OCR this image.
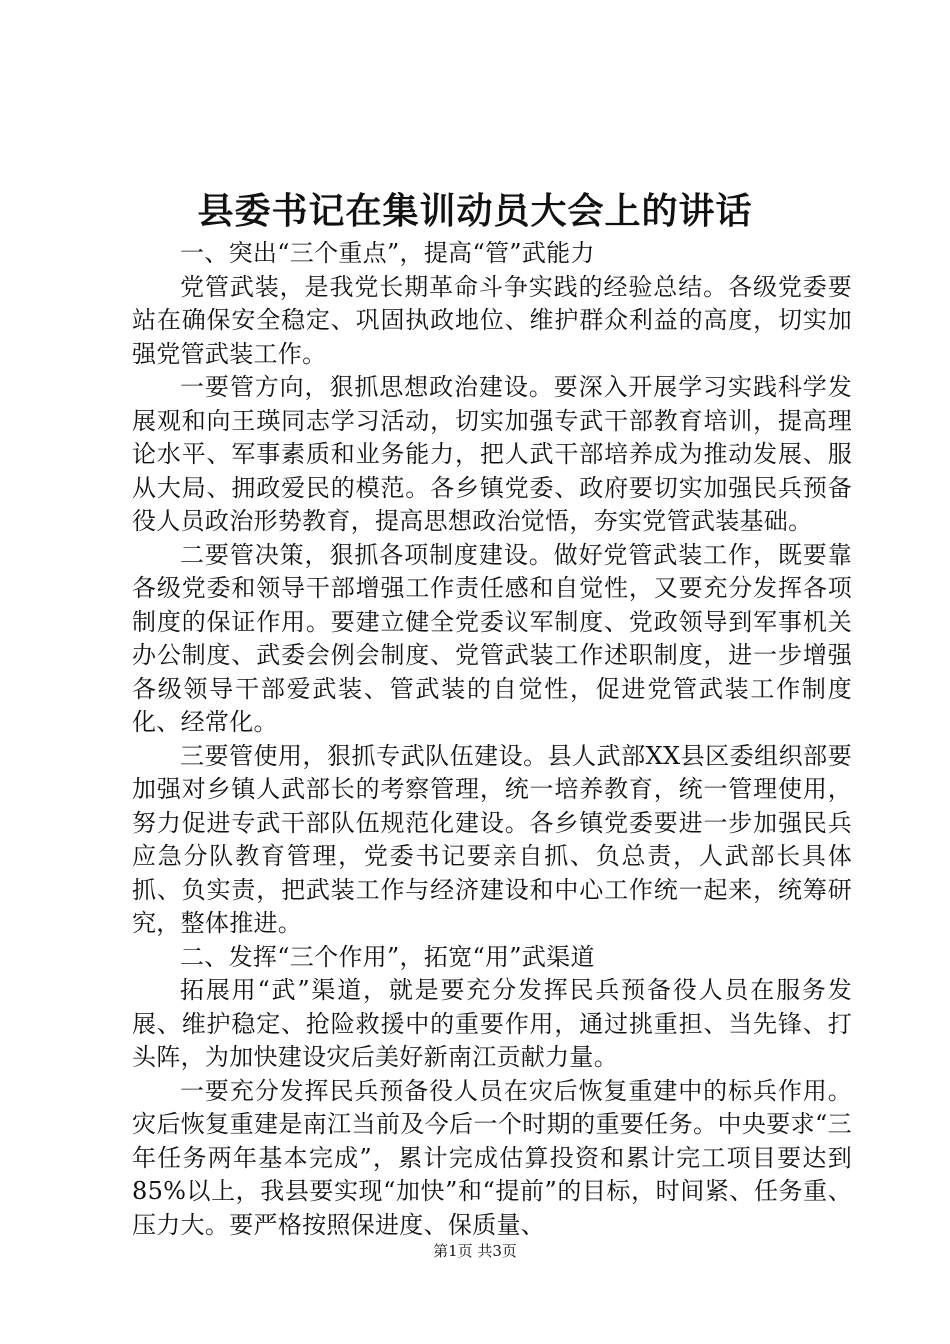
县委书记在集训动员大会上的讲话

一、突出“三个重点”，提高“管”武能力

党管武装，是我党长期革命斗争实践的经验总结。各级党委要站在确保安全稳定、巩固执政地位、维护群众利益的高度，切实加强党管武装工作。

一要管方向，狠抓思想政治建设。要深入开展学习实践科学发展观和向王瑛同志学习活动，切实加强专武干部教育培训，提高理论水平、军事素质和业务能力，把人武干部培养成为推动发展、服从大局、拥政爱民的模范。各乡镇党委、政府要切实加强民兵预备役人员政治形势教育，提高思想政治觉悟，夯实党管武装基础。

二要管决策，狠抓各项制度建设。做好党管武装工作，既要靠各级党委和领导干部增强工作责任感和自觉性，又要充分发挥各项制度的保证作用。要建立健全党委议军制度、党政领导到军事机关办公制度、武委会例会制度、党管武装工作述职制度，进一步增强各级领导干部爱武装、管武装的自觉性，促进党管武装工作制度化、经常化。

三要管使用，狠抓专武队伍建设。县人武部XX县区委组织部要加强对乡镇人武部长的考察管理，统一培养教育，统一管理使用，努力促进专武干部队伍规范化建设。各乡镇党委要进一步加强民兵应急分队教育管理，党委书记要亲自抓、负总责，人武部长具体抓、负实责，把武装工作与经济建设和中心工作统一起来，统筹研究，整体推进。

二、发挥“三个作用”，拓宽“用”武渠道

拓展用“武”渠道，就是要充分发挥民兵预备役人员在服务发展、维护稳定、抢险救援中的重要作用，通过挑重担、当先锋、打头阵，为加快建设灾后美好新南江贡献力量。

一要充分发挥民兵预备役人员在灾后恢复重建中的标兵作用。灾后恢复重建是南江当前及今后一个时期的重要任务。中央要求“三年任务两年基本完成”，累计完成估算投资和累计完工项目要达到85%以上，我县要实现“加快”和“提前”的目标，时间紧、任务重、压力大。要严格按照保进度、保质量、

第1页 共3页
